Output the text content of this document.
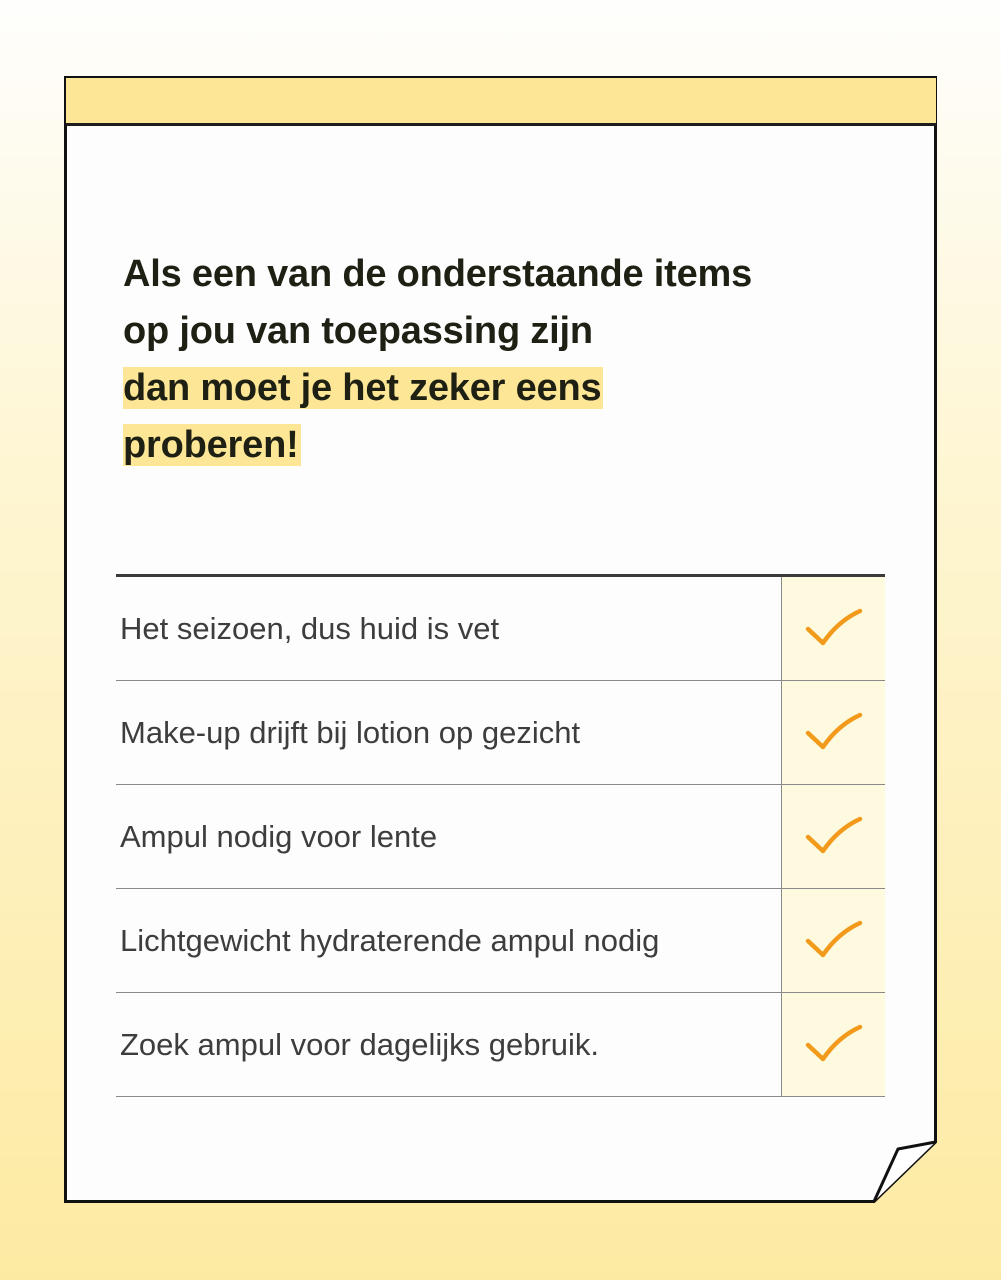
Als een van de onderstaande items
op jou van toepassing zijn
dan moet je het zeker eens
proberen!
Het seizoen, dus huid is vet
Make-up drijft bij lotion op gezicht
Ampul nodig voor lente
Lichtgewicht hydraterende ampul nodig
Zoek ampul voor dagelijks gebruik.
